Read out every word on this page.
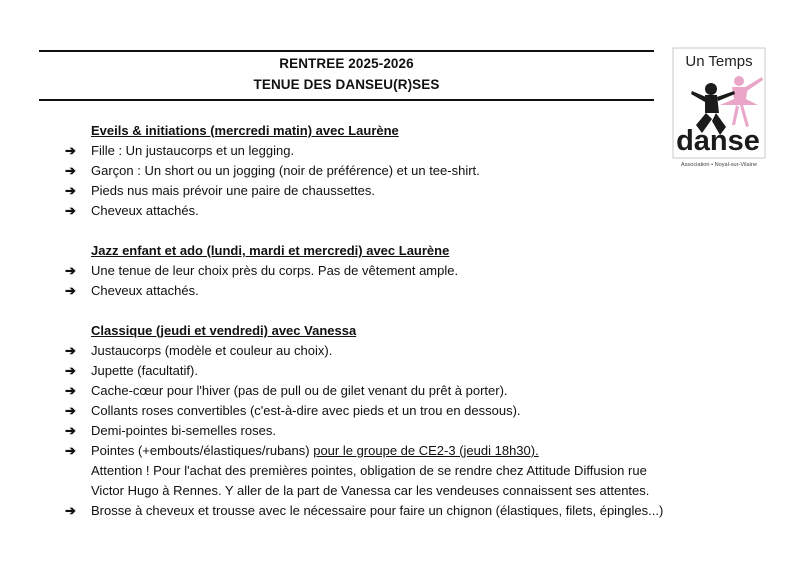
RENTREE 2025-2026
TENUE DES DANSEU(R)SES
Un Temps
danse
Association • Noyal-sur-Vilaine
Eveils & initiations (mercredi matin) avec Laurène
➔ Fille : Un justaucorps et un legging.
➔ Garçon : Un short ou un jogging (noir de préférence) et un tee-shirt.
➔ Pieds nus mais prévoir une paire de chaussettes.
➔ Cheveux attachés.
Jazz enfant et ado (lundi, mardi et mercredi) avec Laurène
➔ Une tenue de leur choix près du corps. Pas de vêtement ample.
➔ Cheveux attachés.
Classique (jeudi et vendredi) avec Vanessa
➔ Justaucorps (modèle et couleur au choix).
➔ Jupette (facultatif).
➔ Cache-cœur pour l'hiver (pas de pull ou de gilet venant du prêt à porter).
➔ Collants roses convertibles (c'est-à-dire avec pieds et un trou en dessous).
➔ Demi-pointes bi-semelles roses.
➔ Pointes (+embouts/élastiques/rubans) pour le groupe de CE2-3 (jeudi 18h30).
Attention ! Pour l'achat des premières pointes, obligation de se rendre chez Attitude Diffusion rue
Victor Hugo à Rennes. Y aller de la part de Vanessa car les vendeuses connaissent ses attentes.
➔ Brosse à cheveux et trousse avec le nécessaire pour faire un chignon (élastiques, filets, épingles...)
